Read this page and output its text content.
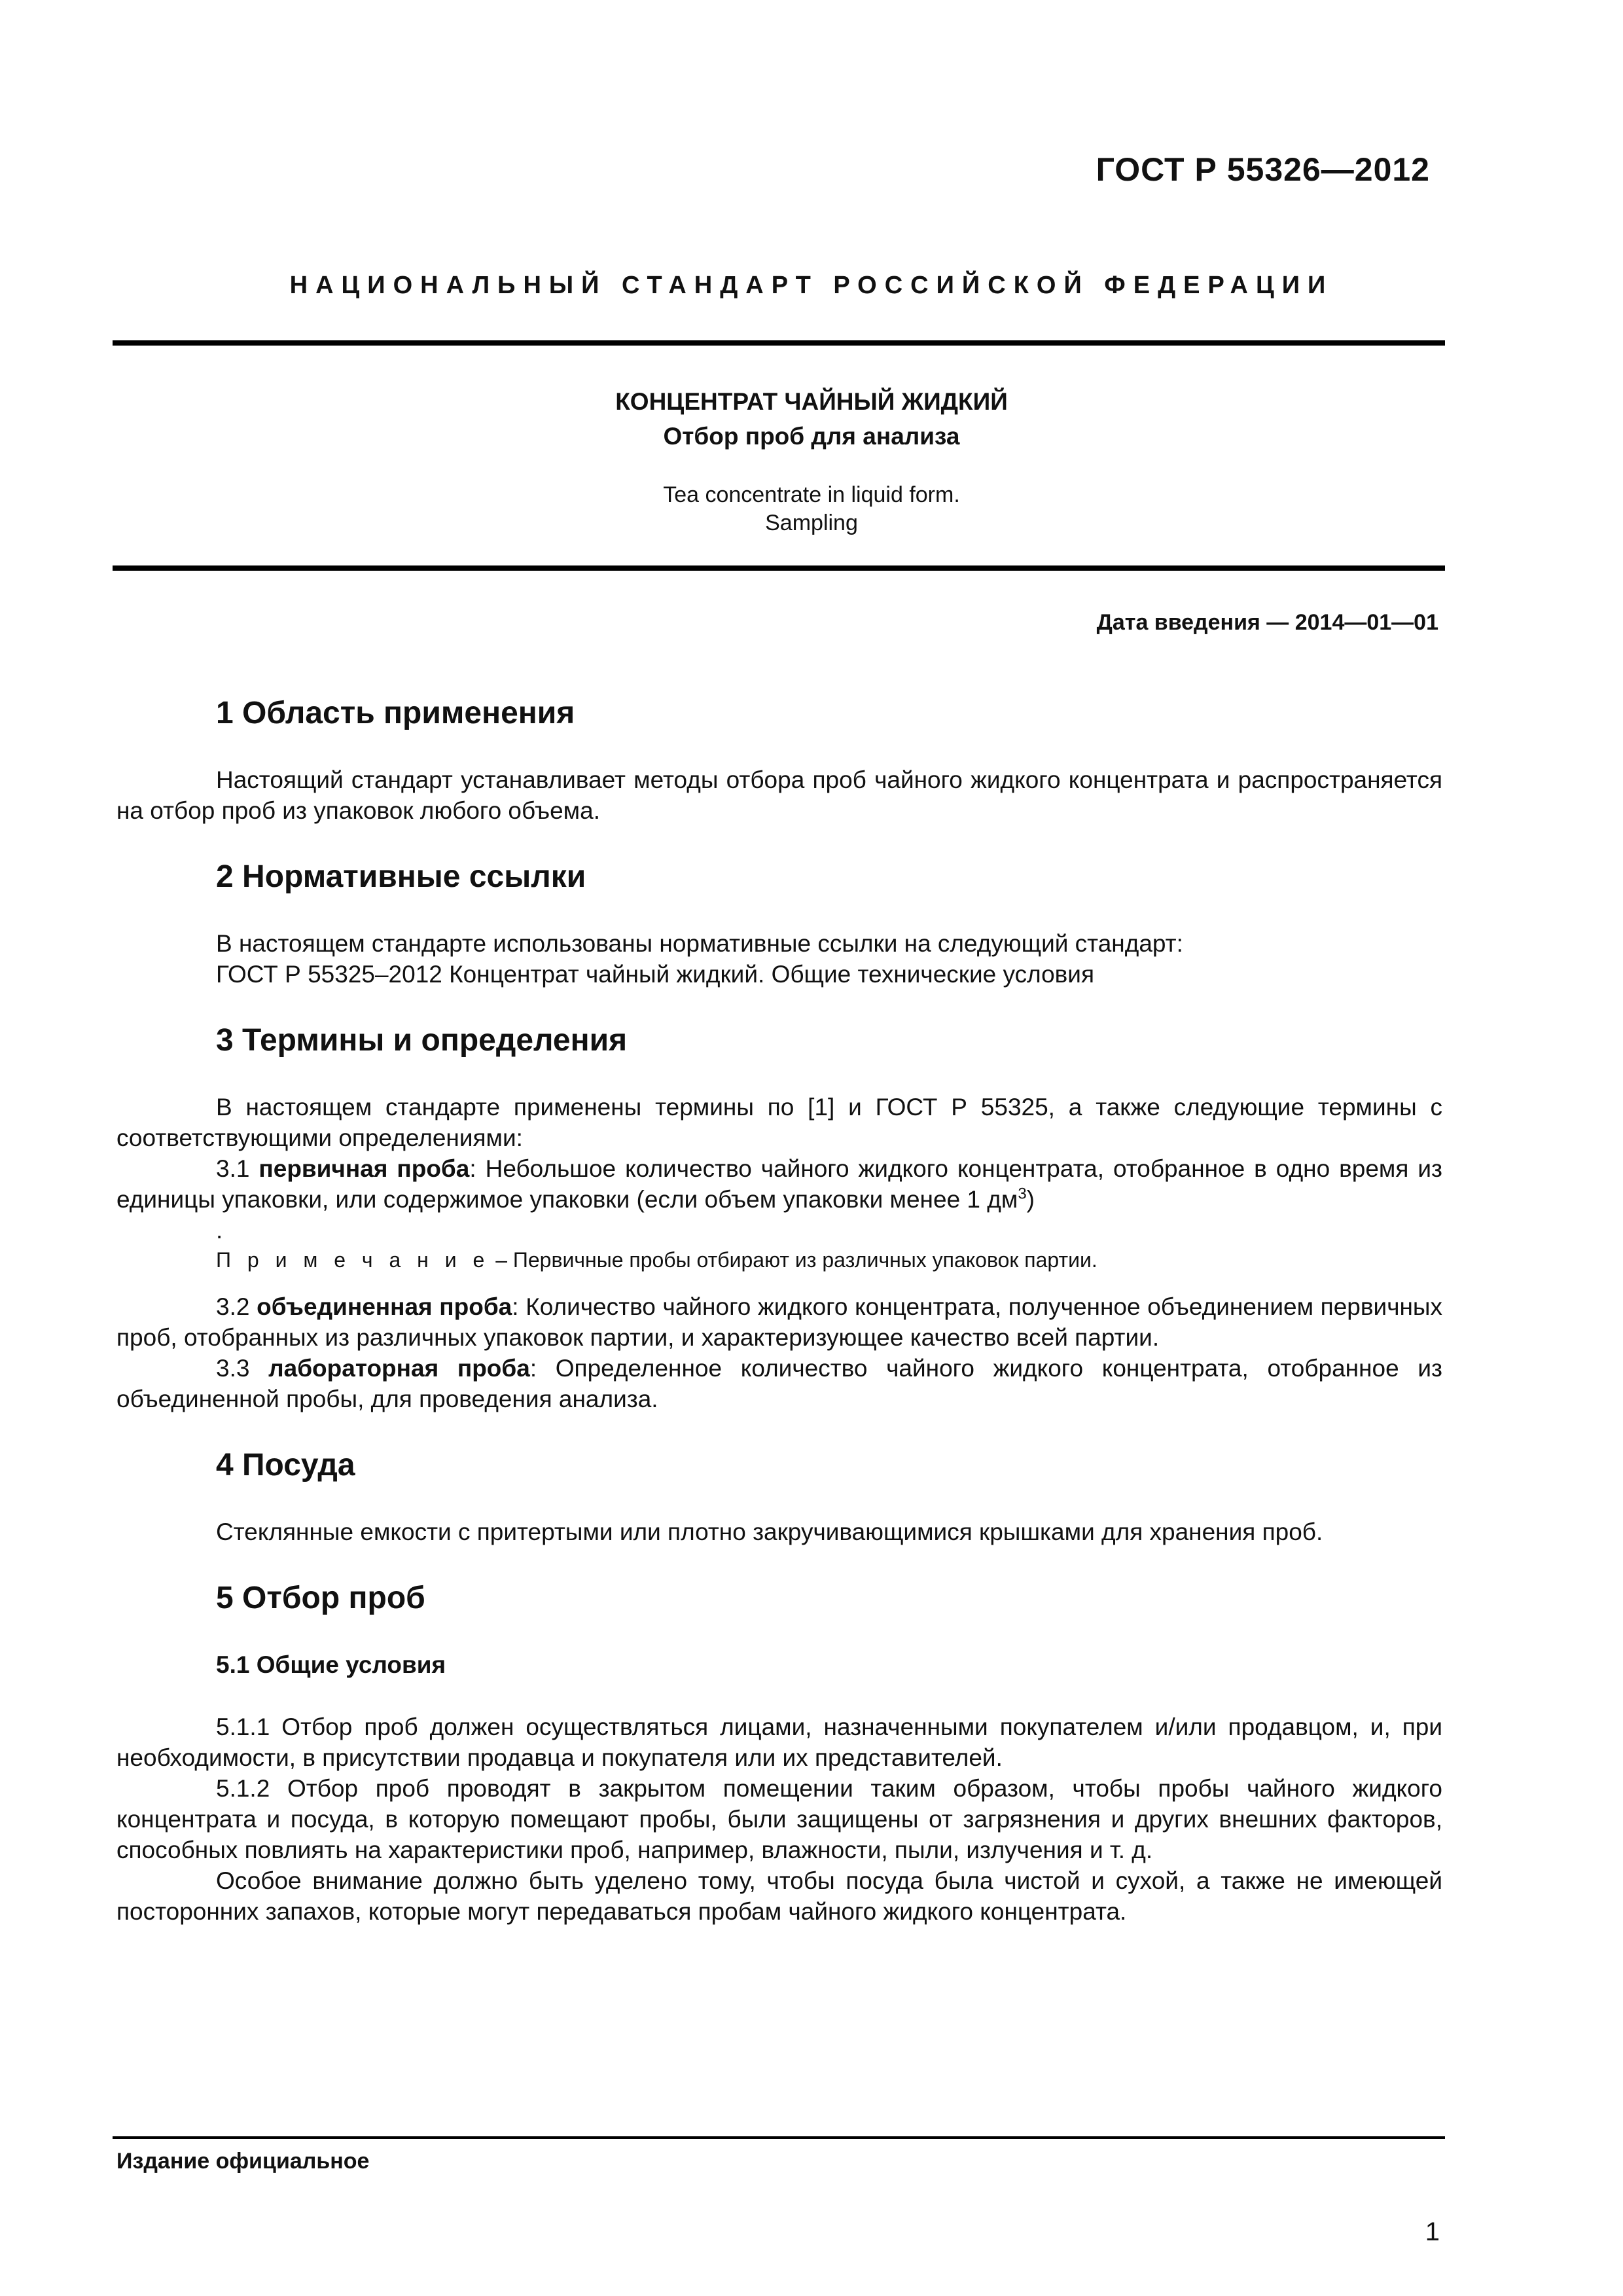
ГОСТ Р 55326—2012
НАЦИОНАЛЬНЫЙ СТАНДАРТ РОССИЙСКОЙ ФЕДЕРАЦИИ
КОНЦЕНТРАТ ЧАЙНЫЙ ЖИДКИЙ
Отбор проб для анализа
Tea concentrate in liquid form.
Sampling
Дата введения — 2014—01—01
1 Область применения

Настоящий стандарт устанавливает методы отбора проб чайного жидкого концентрата и распространяется на отбор проб из упаковок любого объема.

2 Нормативные ссылки

В настоящем стандарте использованы нормативные ссылки на следующий стандарт:

ГОСТ Р 55325–2012 Концентрат чайный жидкий. Общие технические условия

3 Термины и определения

В настоящем стандарте применены термины по [1] и ГОСТ Р 55325, а также следующие термины с соответствующими определениями:

3.1 первичная проба: Небольшое количество чайного жидкого концентрата, отобранное в одно время из единицы упаковки, или содержимое упаковки (если объем упаковки менее 1 $дм^3$)

.

П р и м е ч а н и е – Первичные пробы отбирают из различных упаковок партии.

3.2 объединенная проба: Количество чайного жидкого концентрата, полученное объединением первичных проб, отобранных из различных упаковок партии, и характеризующее качество всей партии.

3.3 лабораторная проба: Определенное количество чайного жидкого концентрата, отобранное из объединенной пробы, для проведения анализа.

4 Посуда

Стеклянные емкости с притертыми или плотно закручивающимися крышками для хранения проб.

5 Отбор проб
5.1 Общие условия

5.1.1 Отбор проб должен осуществляться лицами, назначенными покупателем и/или продавцом, и, при необходимости, в присутствии продавца и покупателя или их представителей.

5.1.2 Отбор проб проводят в закрытом помещении таким образом, чтобы пробы чайного жидкого концентрата и посуда, в которую помещают пробы, были защищены от загрязнения и других внешних факторов, способных повлиять на характеристики проб, например, влажности, пыли, излучения и т. д.

Особое внимание должно быть уделено тому, чтобы посуда была чистой и сухой, а также не имеющей посторонних запахов, которые могут передаваться пробам чайного жидкого концентрата.

Издание официальное
1
